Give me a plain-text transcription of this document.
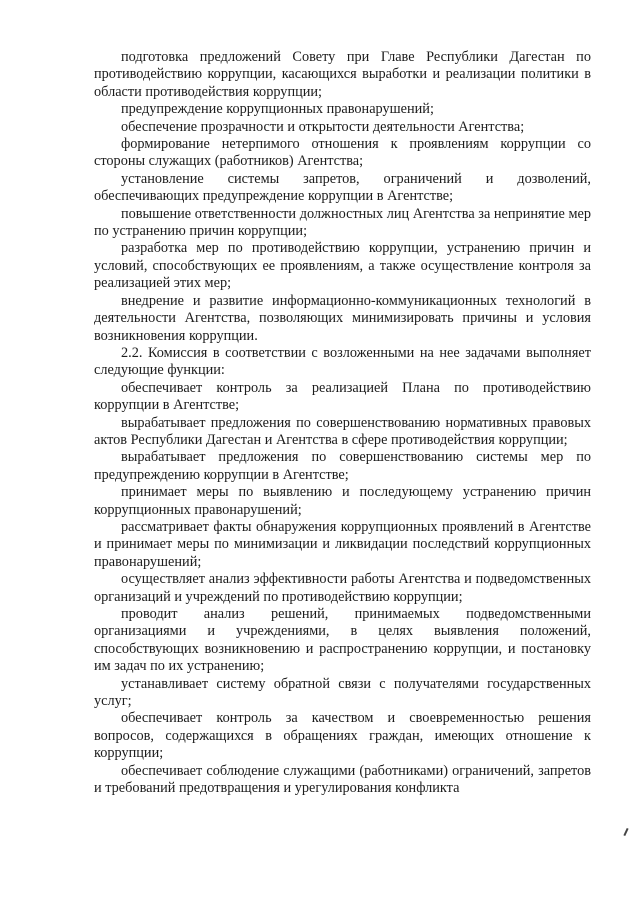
подготовка предложений Совету при Главе Республики Дагестан по противодействию коррупции, касающихся выработки и реализации политики в области противодействия коррупции;

предупреждение коррупционных правонарушений;

обеспечение прозрачности и открытости деятельности Агентства;

формирование нетерпимого отношения к проявлениям коррупции со стороны служащих (работников) Агентства;

установление системы запретов, ограничений и дозволений, обеспечивающих предупреждение коррупции в Агентстве;

повышение ответственности должностных лиц Агентства за непринятие мер по устранению причин коррупции;

разработка мер по противодействию коррупции, устранению причин и условий, способствующих ее проявлениям, а также осуществление контроля за реализацией этих мер;

внедрение и развитие информационно-коммуникационных технологий в деятельности Агентства, позволяющих минимизировать причины и условия возникновения коррупции.

2.2. Комиссия в соответствии с возложенными на нее задачами выполняет следующие функции:

обеспечивает контроль за реализацией Плана по противодействию коррупции в Агентстве;

вырабатывает предложения по совершенствованию нормативных правовых актов Республики Дагестан и Агентства в сфере противодействия коррупции;

вырабатывает предложения по совершенствованию системы мер по предупреждению коррупции в Агентстве;

принимает меры по выявлению и последующему устранению причин коррупционных правонарушений;

рассматривает факты обнаружения коррупционных проявлений в Агентстве и принимает меры по минимизации и ликвидации последствий коррупционных правонарушений;

осуществляет анализ эффективности работы Агентства и подведомственных организаций и учреждений по противодействию коррупции;

проводит анализ решений, принимаемых подведомственными организациями и учреждениями, в целях выявления положений, способствующих возникновению и распространению коррупции, и постановку им задач по их устранению;

устанавливает систему обратной связи с получателями государственных услуг;

обеспечивает контроль за качеством и своевременностью решения вопросов, содержащихся в обращениях граждан, имеющих отношение к коррупции;

обеспечивает соблюдение служащими (работниками) ограничений, запретов и требований предотвращения и урегулирования конфликта
